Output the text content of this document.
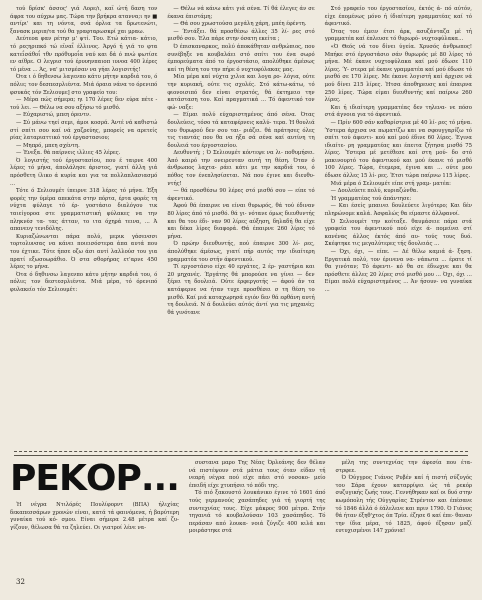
τού δρίσκ' άσσος' γιά Λορε/ι, καϊ ώτή δαση τον άφρα του αύχρω μας. Τώρα την βρήκρα αταννα;ι ην ■ αντίρι' και τη νόντα, σνά όρλια τα δρωτενώτι, ξανασκ μεριπ/τα τού θα γραφταρωσκρί χαι μραω.

Δεύτεοα φαν ρέτησ μ' ψτί. Του. Ετώ κάτια- κάτιο, τό ρεςηριπκό τώ εϊναΐ έλλινος. Άργό ή γιά το φτα κατεΐσάθοΐ τθν πρόθυμοΐα ναύ και δά ό πνώ φωτίσε εν αίθρε. Ο λεγρισ τού έρυυηνπαιοπ ιυνοα 400 λέρες τό μένα ... Άς, να' μιτσμέσαν να γήαι λογισιτής!

Ότα ι ό δηθενσω λαγενπο κάτυ μήτην καρδιά του, ό πόλιε; τον δεσπεσρλιέντα. Μιά όραια νάνα το όρενιπό φσυκάς τόν Ξελιουμε] στο γραφείο του:

— Μέρα πώς σήμερα; ηι 170 λέρες δεν εύρα πέτε - τού λει. — Θέλω να σου αξήσω τό μισθό.

— Εύχαριστώ, μπεη όρεντν.

— Σύ μάνω τηεί σεμι, άμοι κοσρά. Άντέ νά καθιστώ στί σπίτι σου καί νά χαζρεύης, μπορείς να αρετείς ρίας λαταριαττικό τού έργαστασιου;

— Μηπρό, μπεη σχέντη.

— Ένεξα. θά παίρνεις ιλλιες 45 λέρες.

Ό λογιστής τού έργοστασίου, που έ ταιρνε 400 λέρες τό μήνα, άπολάλησε άριστος, γιατί άλλη γιά πρόσθετη ίλικο ά κυρία και για τα πολλαπλασιασμό ...

Τότε ό Σελιουμέτ ίπειρνε 318 λέρες τό μήνα. Έξη φορές την ύμέρα απεκάτα στην πόρτα, έρτα φορές τη νύχτα φύλαγε τό έρ- γοστάσιο διαλόγου τικ ταιείγοροα στε γραμματιστική φύλακες να την πληκνέσ τα- τας άτταν, το ιτα όχηρά τεινα, ... Ά απανευγ τενιδόλης.

Κυριαζώνωνται πάρα πολύ, μερικ γάσενσσι τορτολυνσας να κάνει ποιεισόστερα άπα αυτά που του έχτικε. Τότε ήπσε οζω άσι αυτί λαλλούσ του για πρατί εξωσοωράθιο. Ό στα σθορήρας ετ'αρνε 450 λέρες το μήνα.

Ότα ό δηθινσω λαγενπο κάτυ μήτην καρδιά του, ό πόλιε; τον δεστεσρλιέντα. Μιά μέρα, τό όρενιπό φυλακείο τόν Σελιουμέτ:

— Θέλω νά κάνω κάτι γιά σένα. Τί θά έλεγες άν σε έκανα έπιστάμη;

— Θά σου χρωστούσα μεγάλη χάρη, μπέη έφέντη.

— Έντάξει. θά προσθέσω άλλες 35 λί- ρες στό μισθό σου. Έλα πάρε στην όσατη εκείτα ;

Ό έπισκαναρκος, πολύ άποκάθηταν ανθρώπιος, που συνέβηξε να κουβαλάει στό σπίτι του ένα σωρό έμπορεύματα άπό το έργοστάσιο, απολύθηκε άμέσως καί τη θέση του την πήρε ό νυχτοφύλακας μας.

Μία μέρα καί νύχτα χιλια και λογα ρο- λόγια, ούτε την κυριακή, ούτε τις σχολές. Στό κάτω-κάτω, τό φιονοισιπό δεν είναι στρατός, θά έκτημειο την κατάσταση του. Καί πραγματικά ... Τό άφεντικό τον φώ- ναξε:

— Είμαι πολύ εύχαριστημένος άπό σένα. Ότας δουλεύεις, τόσο τά καταφέρνεις καλύ- τερα. Ή θουλιά του θυρωρού δεν σου ται- ριάζει. θά πράτησες όλες τις τιαντάς που θα να ήξα σά σένα καί αυτίνη τη δουλειά του έργοστασίου.

Δευθυντή; ; Ό Σελιουμέτ κόντεψε να λι- ποθυμήσει. Άπό καιρό την ονειρευταν αυτή τη θέση. Όταν ό άνθρωπος λαχτα- ράει κάτι με την καρδιά του, ό πόθος τον ένεπλησίσεται. Νά που έγινε και διευθυ- ντής!

— θά προσθέσω 90 λέρες στό μισθό σου — είπε τό άφεντικό.

Άφού θά έπαιρνε να είναι θυρωρός, θά τού έδιναν 80 λίρες άπό τό μισθό. θά γι- νότανε όμως διευθυντής και θα του έδι- ναν 90 λίρες αύξηση, δηλαδή θα είχε και δέκα λίρες διαφορά. Θά έπαιρνε 260 λίρες τό μήνα.

Ό πρώην διευθυντής, πού έπαιρνε 300 λί- ρες, άπολύθηκε άμέσως, γιατί πήρ αυτός την ιδιαίτερη γραμματέα του στήν άφεντικού.

Τί εργοστάσιο είχε 40 εργάτες, 2 έρ- γαστήρια και 20 μηχανές. Έργάτης θά μπορούσε να γίνει — δεν ξέρει τη δουλειά. Ούτε έρφεργοτής — άφού άν τα κατάφερνε να ήταν τυχε προσθέσει σ τη θέση το μισθό. Καί μιά καταχωρησά εγιόν δεν θά εφθάνη αυτή τη δουλειά. Ν ά δουλεύει αύτός άντί για τις μηχανές; θά γινότανε

Στό γραφείο του έργοστασίου, έκτός ά- πό αύτόν, είχε έπομένως μόνο ή ίδιαίτερη γραμματέας καί τό άφεντικό.

Ότας του έμειν έτσι άρκ, ασυζάνταζα μέ τή γραμματέα καί έπλευσε τό θυρωρό- νυχτοφύλακα...

«Ό Θεός νά του δίνει ύγεία. Χρυσός άνθρωπος! Μπήκε στό έργοστάσιο σάν θυρωρός μέ 80 λίρες τό μήνα. Μέ έκανε νυχτοφύλακα καί μού έδωσε 110 λίρες. Ύ- στερα μέ έκανε γραμματέα καί μού έδωσε τό μισθό σε 170 λίρες. Με έκανε λογιστή καί άρχισε νά μού δίνει 215 λίρες. Ήτσα άποθηρευσς καί έπαιρνα 250 λίρες. Τώρα είμαι διευθυντής καί παίρνω 260 λίρες.

Και ή ιδιαίτερη γραμματέας δεν τηλενα- νε πόσο στά άγνοια για τό άφεντικό.

— Πρίν 600 σάν καθαρίστρια μέ 40 λί- ρες τό μήνα. Ύστερα άρχισα να πωματίζω και να σφουγγαρίζω τό σπίτι τού άφεντι- κού καί μού έδινε 60 λίρες. Έγινα ιδιαίτε- ρη γραμματέας και έπειτα ζήτησα μισθό 75 λίρες. Ύστερα μέ μετέθεσε καί στη μού- δο στό μακινουρτό του άφεντικού και μού έκανε τό μισθό 100 λίρες. Τώρα, έτεμερα, έγινα και ... ούτε μου έδωσε άλλες 15 λί- ρες. Έτσι τώρα παίρνω 115 λίρες.

Μιά μέρα ό Σελιουμέτ είπε στή γραμ- ματέα:

— Δουλεύετε πολύ, κυριαζώνθα.

Ή γραμματέας τού άπάντησε:

— Και έσείς μπαινει δουλεύετε λιγότερο; Και δέν πληρώνομε καλά. Άσφαλώς θα είμαστε άλλφανοί.

Ό Σελιουμέτ την κοίταξε. θαυμάσειε πάρα στά γραφεία του άφεντικού πού είχε ά- πομείνει στί κανένας άλλος έκτός άπό αυ- τούς τους δυό. Σκέφτηκε τις μεγαλύτερες τής δουλειάς ...

— Όχι, όχι, — είπε. — Δέ θέλω καμιά ά- ξηση. Εργατικά πολύ, τον έρινενα να- νάπωτα ... έρατε τί θα γινόταν; Τό άφεντι- κό θα σε έδιωχνε και θα πρόσθετε άλλες 20 λίρες στό μισθό μου ... Όχι, όχι ... Είμαι πολύ εύχαριστημένος ... Άν ήσουν- να γυναίκα ...

ΡΕΚΟΡ...

Ή νέγρα Ντιλόρές Πουλίφορντ (ΒΠΑ) ήλιχίας δεκαπεσσάρων χρονών είναι, κατά τά φαινόμενα, ή βαρύτερη γυναίκα τού κό- σμου. Είναι σήμερα 2.48 μέτρα καί ζυ- γίζουν, θέλωσα θά τα ζηλεύει. Οι γιατροί λένε να-

συστανα μαρο Της Νέας Όρλεάνης δεν θέλαν νά πιστέψουν στά μάτια τους όταν είδαν τή νεαρή νέγρα πού είχε πάει στό νοσοκο- μείο έπειδή είχε χτυπήσει τό πόδι της.

Τό πιό ξακουστό λουκάνικο έγινε τό 1601 άπό τούς γερμανούς χασάπηδες γιά τή γιορτή της συντεχνίας τους. Είχε μάκρος 900 μέτρα. Στήν τηγανιά τό κουβαλούσαν 103 χασάπηδες. Τό περάσαν από λουκα- νοιά ζύγιζε 400 κιλά και μοιράστηκε στά

μέλη της συντεχνίας την άφεσία που έτα- στρφεε.

Ό Όύγγρος Γιάνος Ρυβέν καί ή πιστή σύζυγός του Σάρα έχουν καταρρίψει ώς τά ρεκόρ συζυγικής ζωής τους. Γεννήθηκαν καί οι δυό στην κωμόπολη τής Ούγγαρίας Στρέντον και έπέσανε τό 1846 άλλά ό έάλελενε και πριν 1790. Ό Γιάνος θά ήταν έξηθ'χτος όπ Τρία. έζησε 6 καί έπε- θαναν την ίδια μέρα, τό 1825, άφού έζησαν μαζί ευτυχισμένοι 147 χρόνια!

32
